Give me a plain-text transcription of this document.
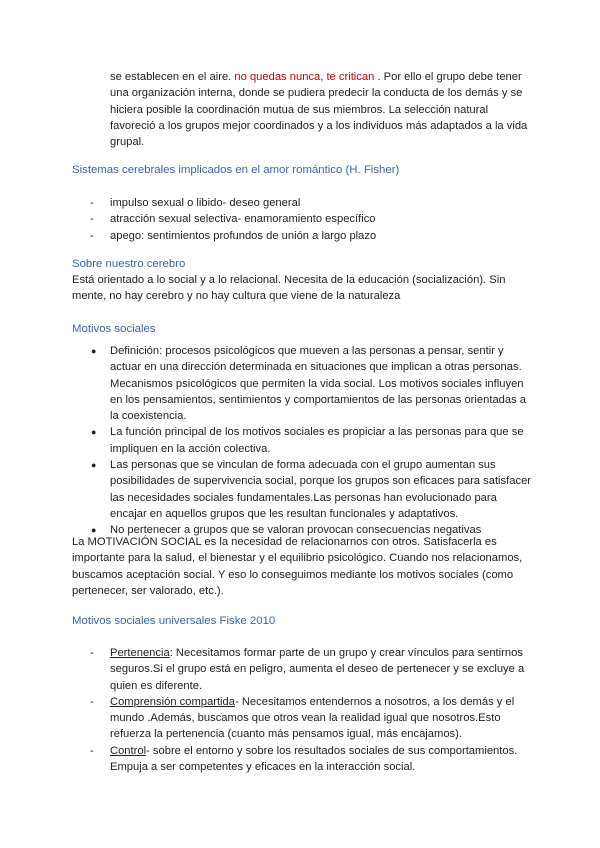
se establecen en el aire. no quedas nunca, te critican . Por ello el grupo debe tener una organización interna, donde se pudiera predecir la conducta de los demás y se hiciera posible la coordinación mutua de sus miembros. La selección natural favoreció a los grupos mejor coordinados y a los individuos más adaptados a la vida grupal.

Sistemas cerebrales implicados en el amor romántico (H. Fisher)

- impulso sexual o libido- deseo general
- atracción sexual selectiva- enamoramiento específico
- apego: sentimientos profundos de unión a largo plazo

Sobre nuestro cerebro

Está orientado a lo social y a lo relacional. Necesita de la educación (socialización). Sin mente, no hay cerebro y no hay cultura que viene de la naturaleza

Motivos sociales

● Definición: procesos psicológicos que mueven a las personas a pensar, sentir y actuar en una dirección determinada en situaciones que implican a otras personas. Mecanismos psicológicos que permiten la vida social. Los motivos sociales influyen en los pensamientos, sentimientos y comportamientos de las personas orientadas a la coexistencia.
● La función principal de los motivos sociales es propiciar a las personas para que se impliquen en la acción colectiva.
● Las personas que se vinculan de forma adecuada con el grupo aumentan sus posibilidades de supervivencia social, porque los grupos son eficaces para satisfacer las necesidades sociales fundamentales.Las personas han evolucionado para encajar en aquellos grupos que les resultan funcionales y adaptativos.
● No pertenecer a grupos que se valoran provocan consecuencias negativas

La MOTIVACIÓN SOCIAL es la necesidad de relacionarnos con otros. Satisfacerla es importante para la salud, el bienestar y el equilibrio psicológico. Cuando nos relacionamos, buscamos aceptación social. Y eso lo conseguimos mediante los motivos sociales (como pertenecer, ser valorado, etc.).

Motivos sociales universales Fiske 2010

- Pertenencia: Necesitamos formar parte de un grupo y crear vínculos para sentirnos seguros.Si el grupo está en peligro, aumenta el deseo de pertenecer y se excluye a quien es diferente.
- Comprensión compartida- Necesitamos entendernos a nosotros, a los demás y el mundo .Además, buscamos que otros vean la realidad igual que nosotros.Esto refuerza la pertenencia (cuanto más pensamos igual, más encajamos).
- Control- sobre el entorno y sobre los resultados sociales de sus comportamientos. Empuja a ser competentes y eficaces en la interacción social.
